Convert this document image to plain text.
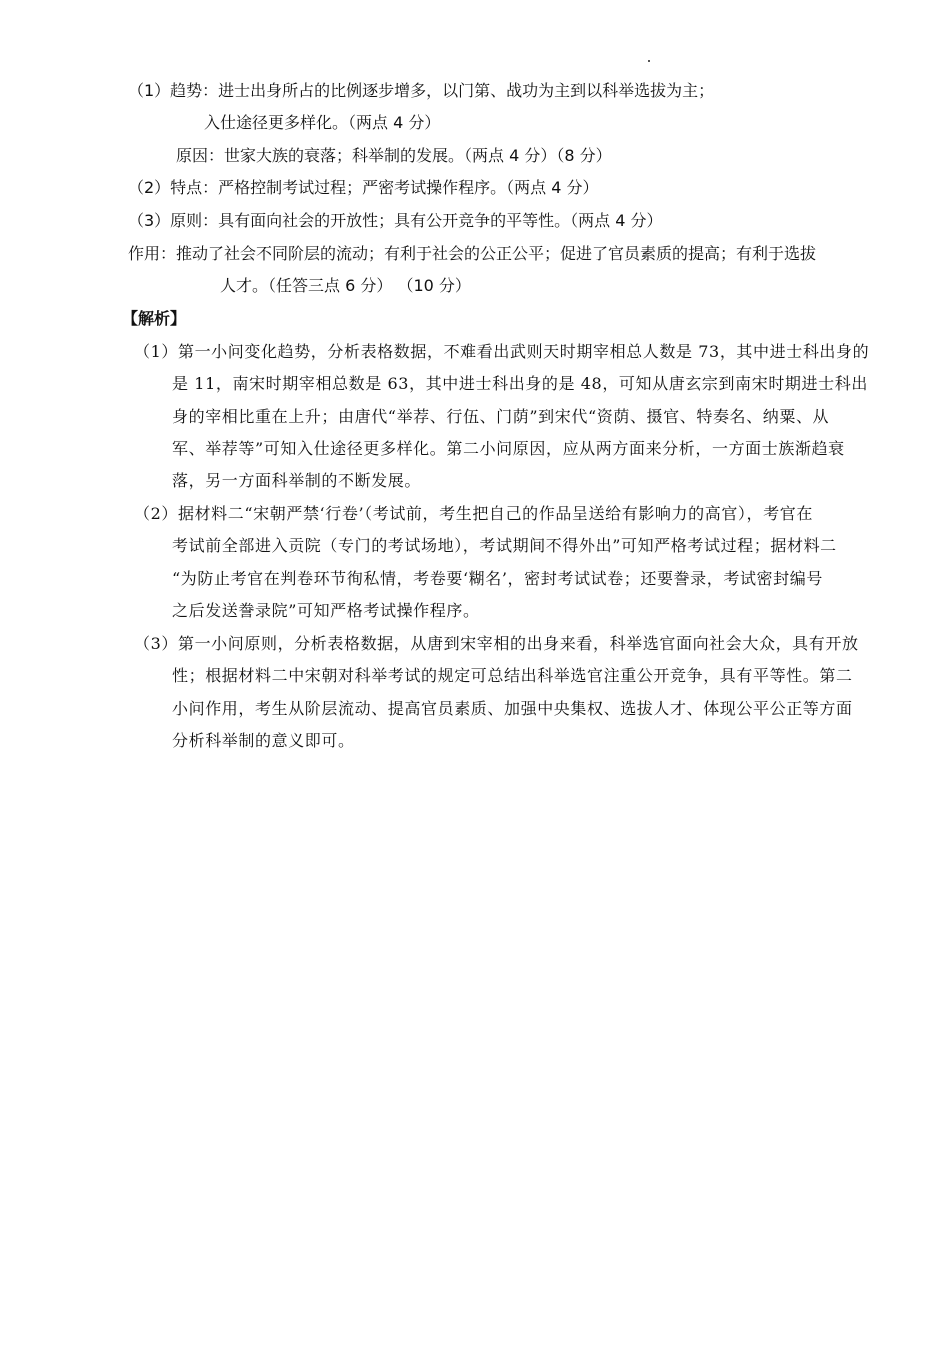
（1）趋势：进士出身所占的比例逐步增多，以门第、战功为主到以科举选拔为主；
入仕途径更多样化。（两点 4 分）
原因：世家大族的衰落；科举制的发展。（两点 4 分）（8 分）
（2）特点：严格控制考试过程；严密考试操作程序。（两点 4 分）
（3）原则：具有面向社会的开放性；具有公开竞争的平等性。（两点 4 分）
作用：推动了社会不同阶层的流动；有利于社会的公正公平；促进了官员素质的提高；有利于选拔
人才。（任答三点 6 分） （10 分）
【解析】
（1）第一小问变化趋势，分析表格数据，不难看出武则天时期宰相总人数是 73，其中进士科出身的
是 11，南宋时期宰相总数是 63，其中进士科出身的是 48，可知从唐玄宗到南宋时期进士科出
身的宰相比重在上升；由唐代“举荐、行伍、门荫”到宋代“资荫、摄官、特奏名、纳粟、从
军、举荐等”可知入仕途径更多样化。第二小问原因，应从两方面来分析，一方面士族渐趋衰
落，另一方面科举制的不断发展。
（2）据材料二“宋朝严禁‘行卷’（考试前，考生把自己的作品呈送给有影响力的高官），考官在
考试前全部进入贡院（专门的考试场地），考试期间不得外出”可知严格考试过程；据材料二
“为防止考官在判卷环节徇私情，考卷要‘糊名’，密封考试试卷；还要誊录，考试密封编号
之后发送誊录院”可知严格考试操作程序。
（3）第一小问原则，分析表格数据，从唐到宋宰相的出身来看，科举选官面向社会大众，具有开放
性；根据材料二中宋朝对科举考试的规定可总结出科举选官注重公开竞争，具有平等性。第二
小问作用，考生从阶层流动、提高官员素质、加强中央集权、选拔人才、体现公平公正等方面
分析科举制的意义即可。
